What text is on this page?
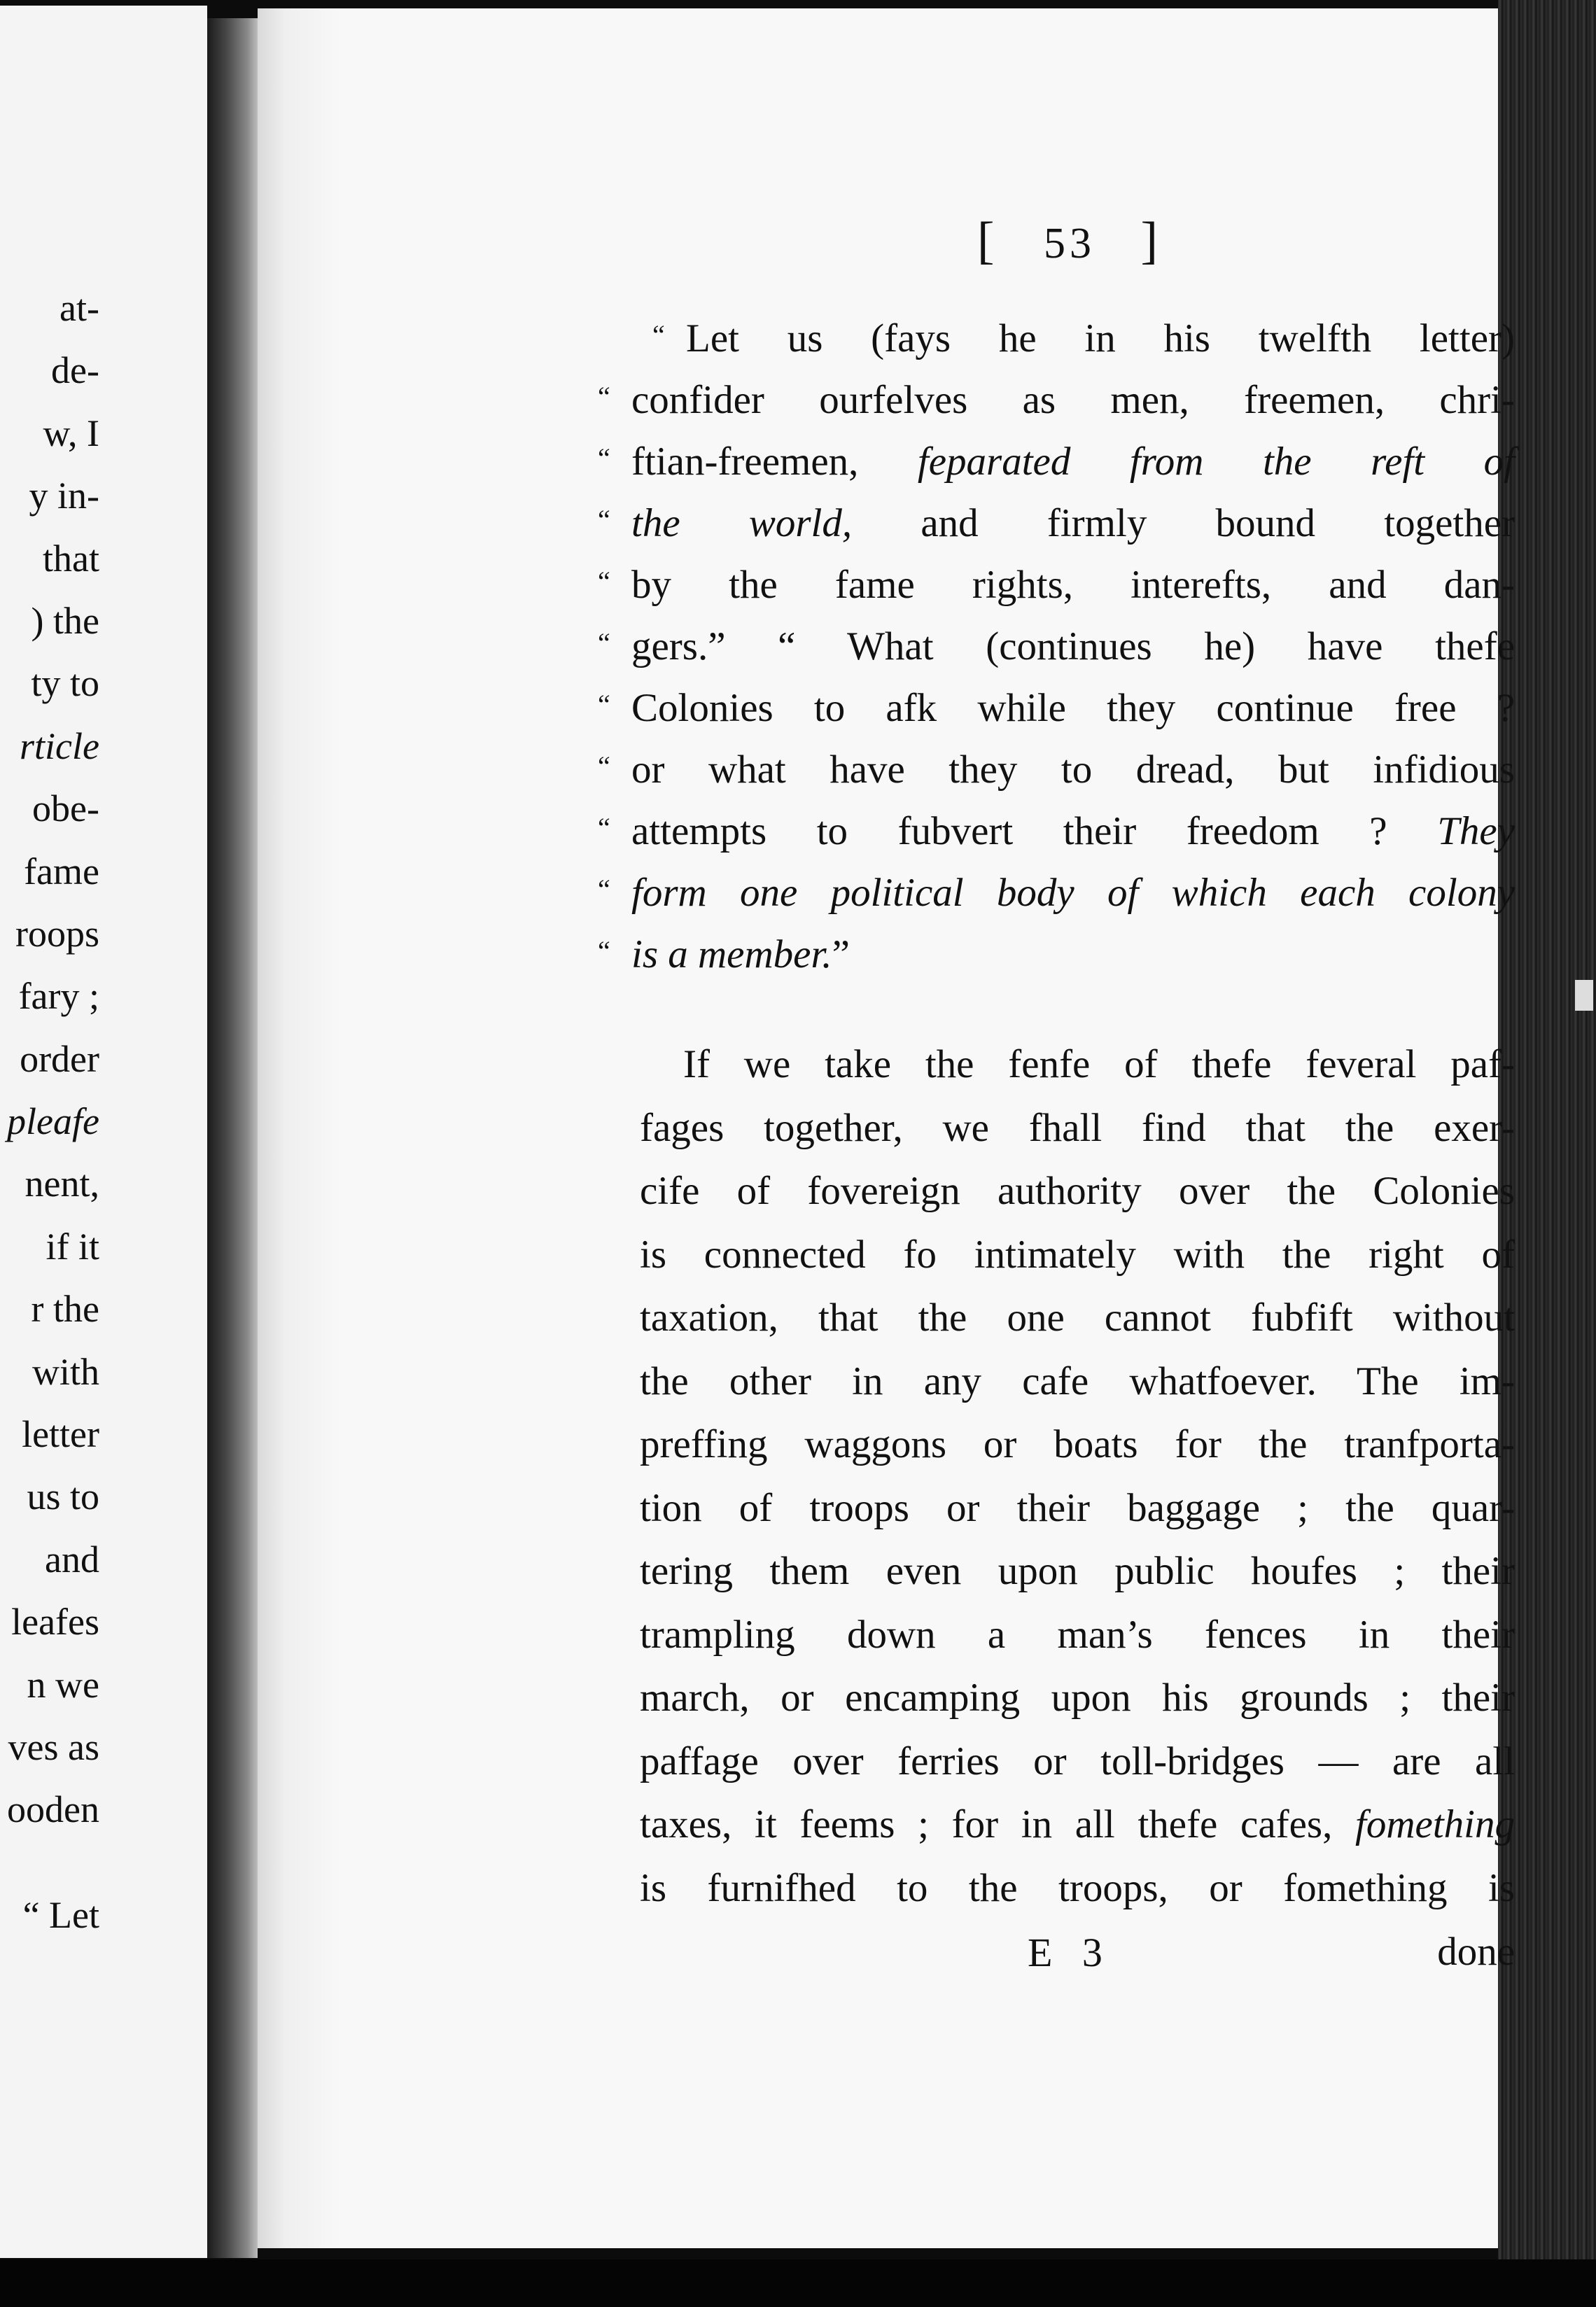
at-
de-
w, I
y in-
that
) the
ty to
rticle
obe-
fame
roops
fary ;
order
pleafe
nent,
if it
r the
with
letter
us to
and
leafes
n we
ves as
ooden
“ Let
[ 53 ]
“ Let us (fays he in his twelfth letter)
“ confider ourfelves as men, freemen, chri-
“ ftian-freemen, feparated from the reft of
“ the world, and firmly bound together
“ by the fame rights, interefts, and dan-
“ gers.” “ What (continues he) have thefe
“ Colonies to afk while they continue free ?
“ or what have they to dread, but infidious
“ attempts to fubvert their freedom ? They
“ form one political body of which each colony
“ is a member.”
If we take the fenfe of thefe feveral paf-
fages together, we fhall find that the exer-
cife of fovereign authority over the Colonies
is connected fo intimately with the right of
taxation, that the one cannot fubfift without
the other in any cafe whatfoever. The im-
preffing waggons or boats for the tranfporta-
tion of troops or their baggage ; the quar-
tering them even upon public houfes ; their
trampling down a man’s fences in their
march, or encamping upon his grounds ; their
paffage over ferries or toll-bridges — are all
taxes, it feems ; for in all thefe cafes, fomething
is furnifhed to the troops, or fomething is
E 3	done
